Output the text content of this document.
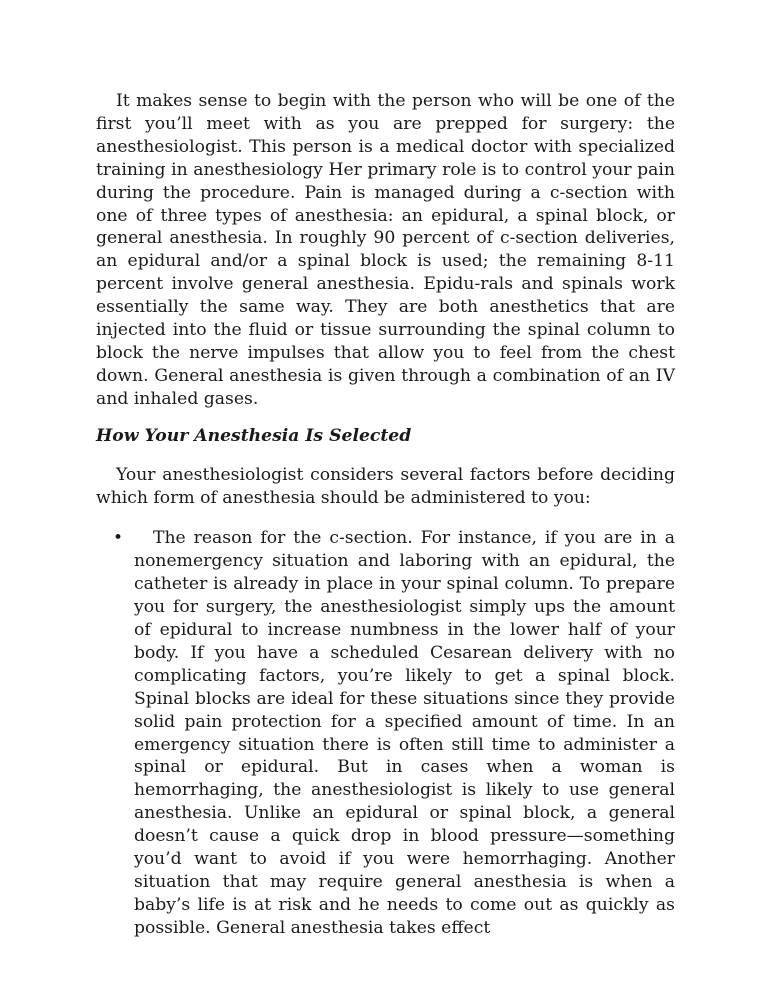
It makes sense to begin with the person who will be one of the first you’ll meet with as you are prepped for surgery: the anesthesiologist. This person is a medical doctor with specialized training in anesthesiology Her primary role is to control your pain during the procedure. Pain is managed during a c-section with one of three types of anesthesia: an epidural, a spinal block, or general anesthesia. In roughly 90 percent of c-section deliveries, an epidural and/or a spinal block is used; the remaining 8-11 percent involve general anesthesia. Epidu-rals and spinals work essentially the same way. They are both anesthetics that are injected into the fluid or tissue surrounding the spinal column to block the nerve impulses that allow you to feel from the chest down. General anesthesia is given through a combination of an IV and inhaled gases.

How Your Anesthesia Is Selected

Your anesthesiologist considers several factors before deciding which form of anesthesia should be administered to you:

•	The reason for the c-section. For instance, if you are in a nonemergency situation and laboring with an epidural, the catheter is already in place in your spinal column. To prepare you for surgery, the anesthesiologist simply ups the amount of epidural to increase numbness in the lower half of your body. If you have a scheduled Cesarean delivery with no complicating factors, you’re likely to get a spinal block. Spinal blocks are ideal for these situations since they provide solid pain protection for a specified amount of time. In an emergency situation there is often still time to administer a spinal or epidural. But in cases when a woman is hemorrhaging, the anesthesiologist is likely to use general anesthesia. Unlike an epidural or spinal block, a general doesn’t cause a quick drop in blood pressure—something you’d want to avoid if you were hemorrhaging. Another situation that may require general anesthesia is when a baby’s life is at risk and he needs to come out as quickly as possible. General anesthesia takes effect
